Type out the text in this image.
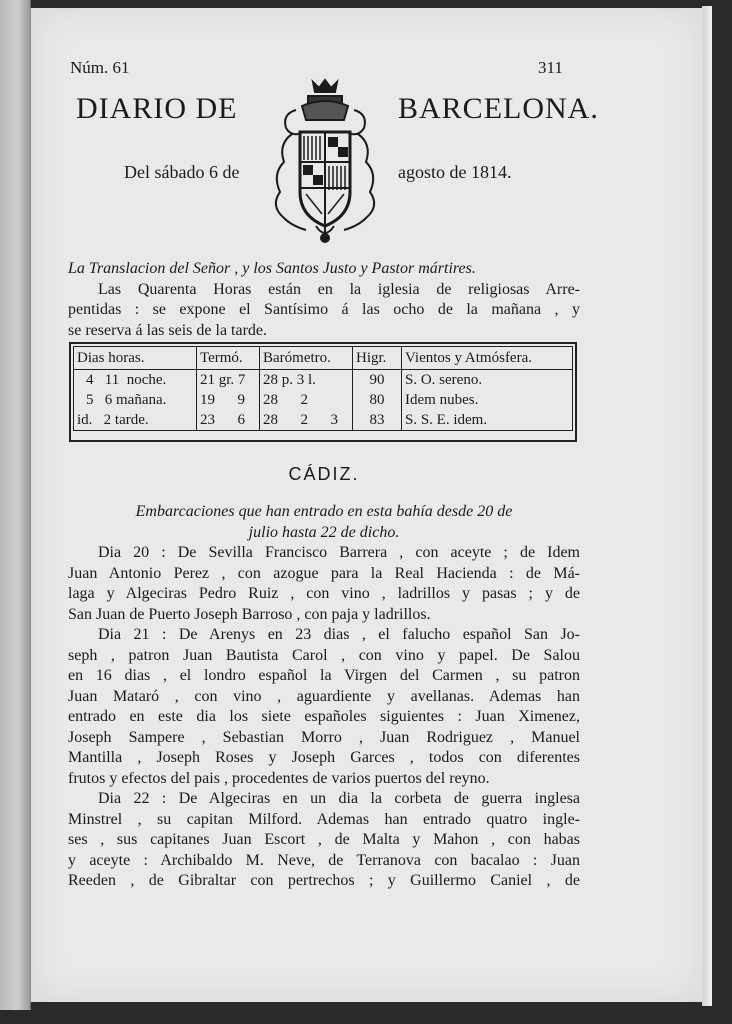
Núm. 61	311
DIARIO DE	BARCELONA.
Del sábado 6 de	agosto de 1814.
La Translacion del Señor , y los Santos Justo y Pastor mártires.
Las Quarenta Horas están en la iglesia de religiosas Arre-
pentidas : se expone el Santísimo á las ocho de la mañana , y
se reserva á las seis de la tarde.
Dias horas.	Termó.	Barómetro.	Higr.	Vientos y Atmósfera.
4   11  noche.	21 gr. 7	28 p. 3 l.	90	S. O. sereno.
5   6 mañana.	19      9	28      2	80	Idem nubes.
id.   2 tarde.	23      6	28      2      3	83	S. S. E. idem.
CÁDIZ.
Embarcaciones que han entrado en esta bahía desde 20 de
julio hasta 22 de dicho.
Dia 20 : De Sevilla Francisco Barrera , con aceyte ; de Idem
Juan Antonio Perez , con azogue para la Real Hacienda : de Má-
laga y Algeciras Pedro Ruiz , con vino , ladrillos y pasas ; y de
San Juan de Puerto Joseph Barroso , con paja y ladrillos.
Dia 21 : De Arenys en 23 dias , el falucho español San Jo-
seph , patron Juan Bautista Carol , con vino y papel. De Salou
en 16 dias , el londro español la Virgen del Carmen , su patron
Juan Mataró , con vino , aguardiente y avellanas. Ademas han
entrado en este dia los siete españoles siguientes : Juan Ximenez,
Joseph Sampere , Sebastian Morro , Juan Rodriguez , Manuel
Mantilla , Joseph Roses y Joseph Garces , todos con diferentes
frutos y efectos del pais , procedentes de varios puertos del reyno.
Dia 22 : De Algeciras en un dia la corbeta de guerra inglesa
Minstrel , su capitan Milford. Ademas han entrado quatro ingle-
ses , sus capitanes Juan Escort , de Malta y Mahon , con habas
y aceyte : Archibaldo M. Neve, de Terranova con bacalao : Juan
Reeden , de Gibraltar con pertrechos ; y Guillermo Caniel , de
